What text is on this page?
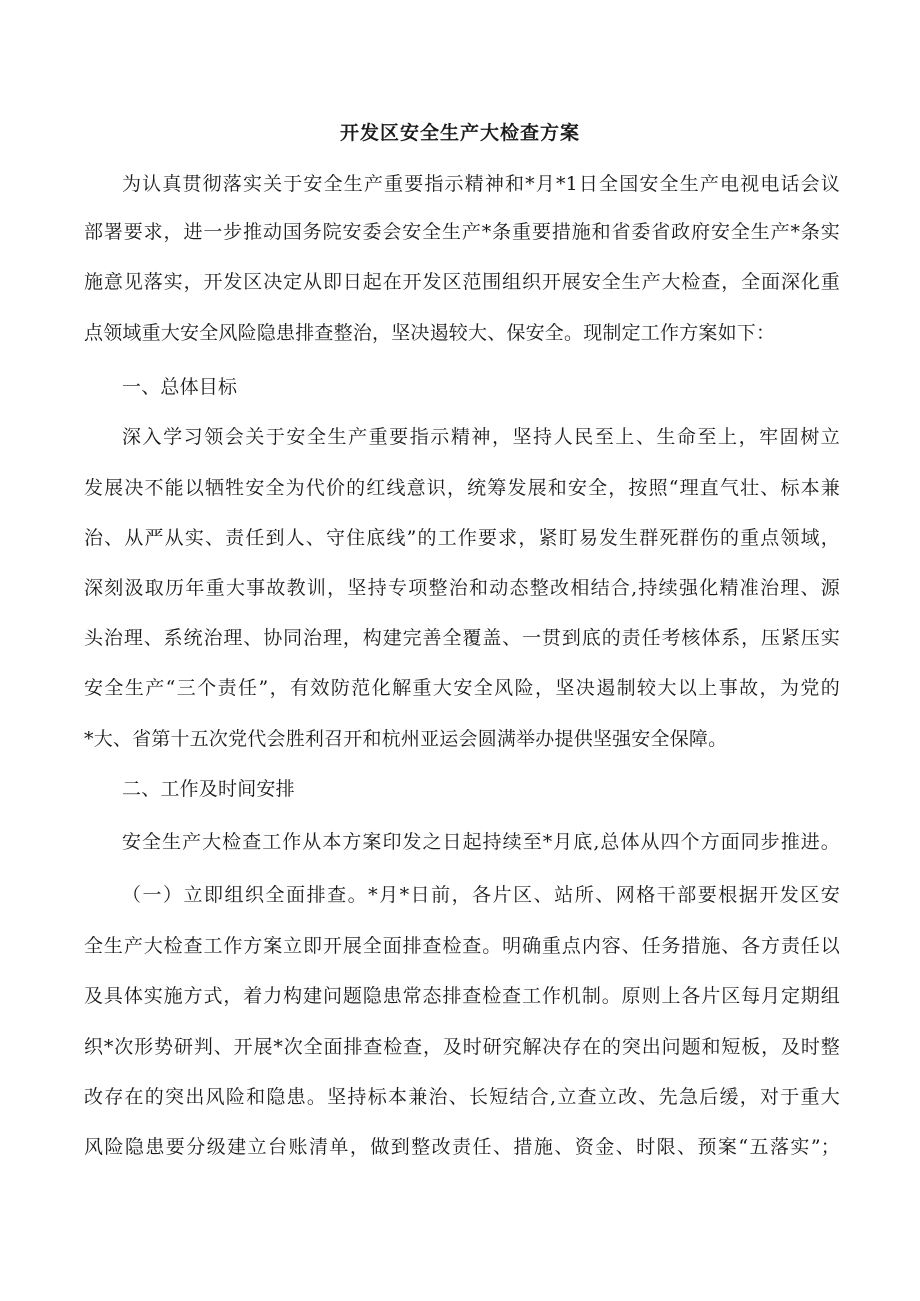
开发区安全生产大检查方案
为认真贯彻落实关于安全生产重要指示精神和*月*1日全国安全生产电视电话会议
部署要求，进一步推动国务院安委会安全生产*条重要措施和省委省政府安全生产*条实
施意见落实，开发区决定从即日起在开发区范围组织开展安全生产大检查，全面深化重
点领域重大安全风险隐患排查整治，坚决遏较大、保安全。现制定工作方案如下：
一、总体目标
深入学习领会关于安全生产重要指示精神，坚持人民至上、生命至上，牢固树立
发展决不能以牺牲安全为代价的红线意识，统筹发展和安全，按照“理直气壮、标本兼
治、从严从实、责任到人、守住底线”的工作要求，紧盯易发生群死群伤的重点领域，
深刻汲取历年重大事故教训，坚持专项整治和动态整改相结合,持续强化精准治理、源
头治理、系统治理、协同治理，构建完善全覆盖、一贯到底的责任考核体系，压紧压实
安全生产“三个责任”，有效防范化解重大安全风险，坚决遏制较大以上事故，为党的
*大、省第十五次党代会胜利召开和杭州亚运会圆满举办提供坚强安全保障。
二、工作及时间安排
安全生产大检查工作从本方案印发之日起持续至*月底,总体从四个方面同步推进。
（一）立即组织全面排查。*月*日前，各片区、站所、网格干部要根据开发区安
全生产大检查工作方案立即开展全面排查检查。明确重点内容、任务措施、各方责任以
及具体实施方式，着力构建问题隐患常态排查检查工作机制。原则上各片区每月定期组
织*次形势研判、开展*次全面排查检查，及时研究解决存在的突出问题和短板，及时整
改存在的突出风险和隐患。坚持标本兼治、长短结合,立查立改、先急后缓，对于重大
风险隐患要分级建立台账清单，做到整改责任、措施、资金、时限、预案“五落实”；
